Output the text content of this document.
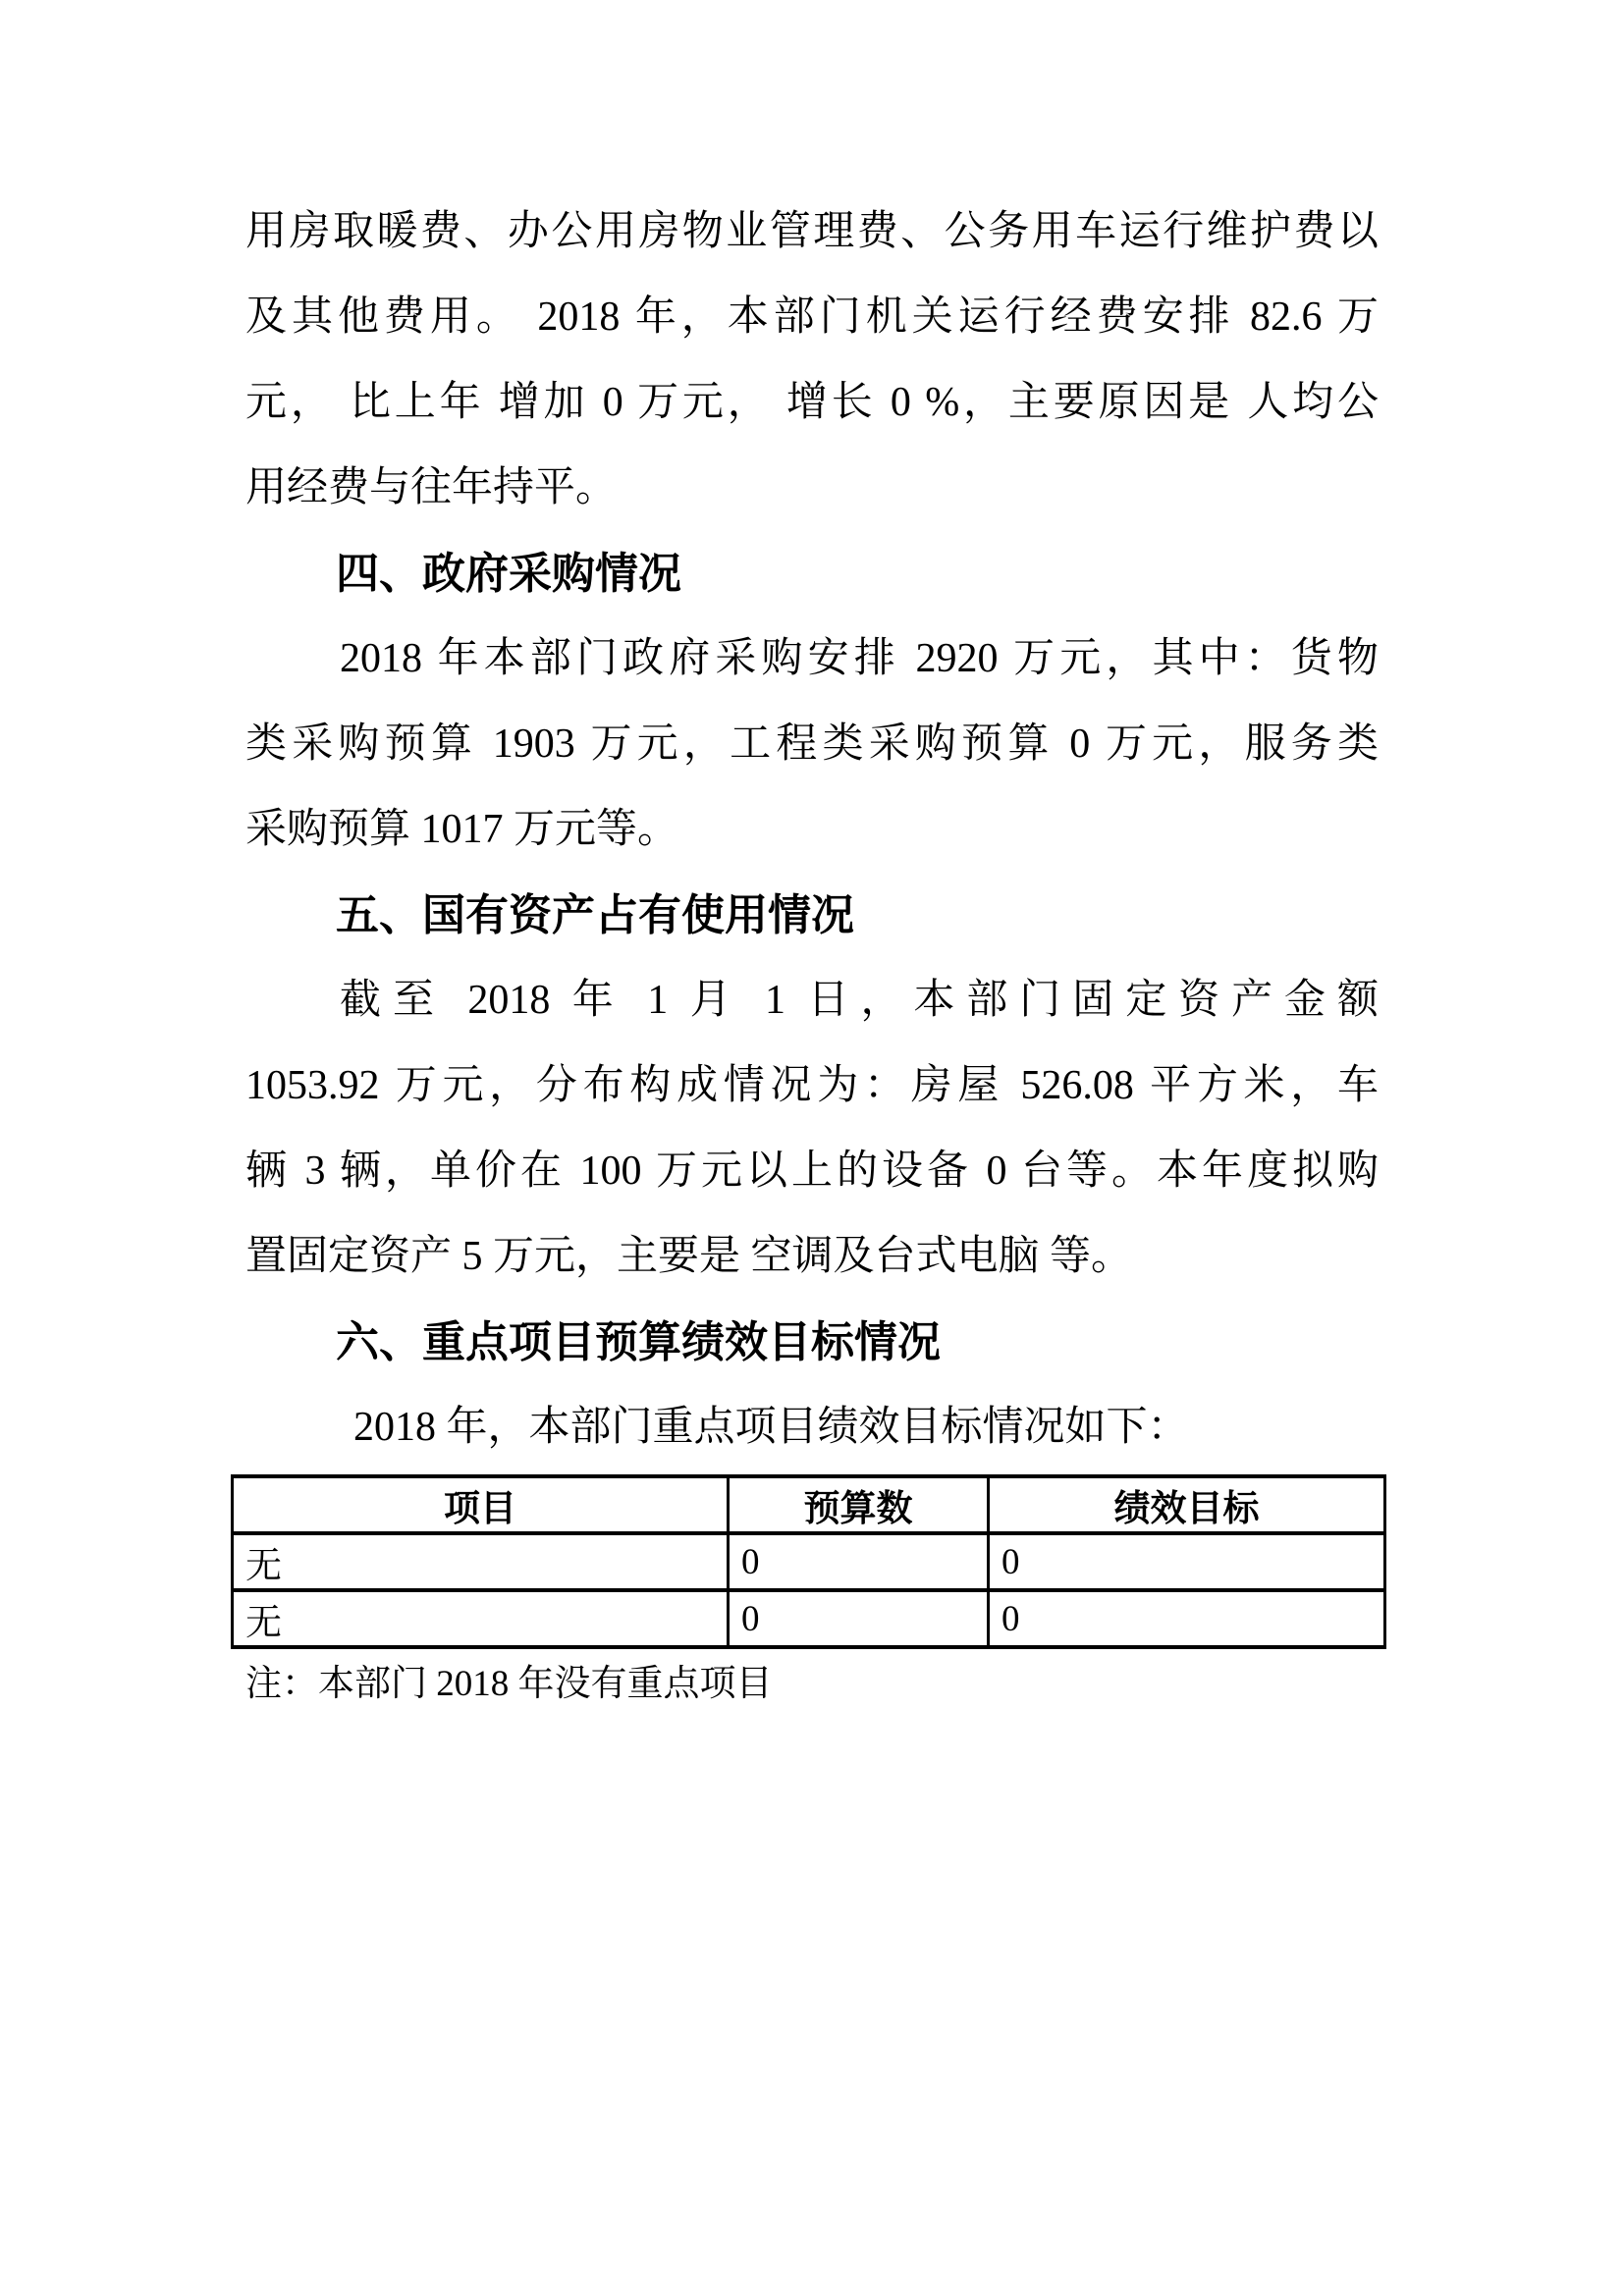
用房取暖费、办公用房物业管理费、公务用车运行维护费以
及其他费用。 2018 年，本部门机关运行经费安排 82.6 万
元， 比上年 增加 0 万元， 增长 0 %，主要原因是 人均公
用经费与往年持平。
四、政府采购情况
2018 年本部门政府采购安排 2920 万元，其中：货物
类采购预算 1903 万元，工程类采购预算 0 万元，服务类
采购预算 1017 万元等。
五、国有资产占有使用情况
截至 2018 年 1 月 1 日，本部门固定资产金额
1053.92 万元，分布构成情况为：房屋 526.08 平方米，车
辆 3 辆，单价在 100 万元以上的设备 0 台等。本年度拟购
置固定资产 5 万元，主要是 空调及台式电脑 等。
六、重点项目预算绩效目标情况
2018 年，本部门重点项目绩效目标情况如下：
项目	预算数	绩效目标
无	0	0
无	0	0
注：本部门 2018 年没有重点项目
